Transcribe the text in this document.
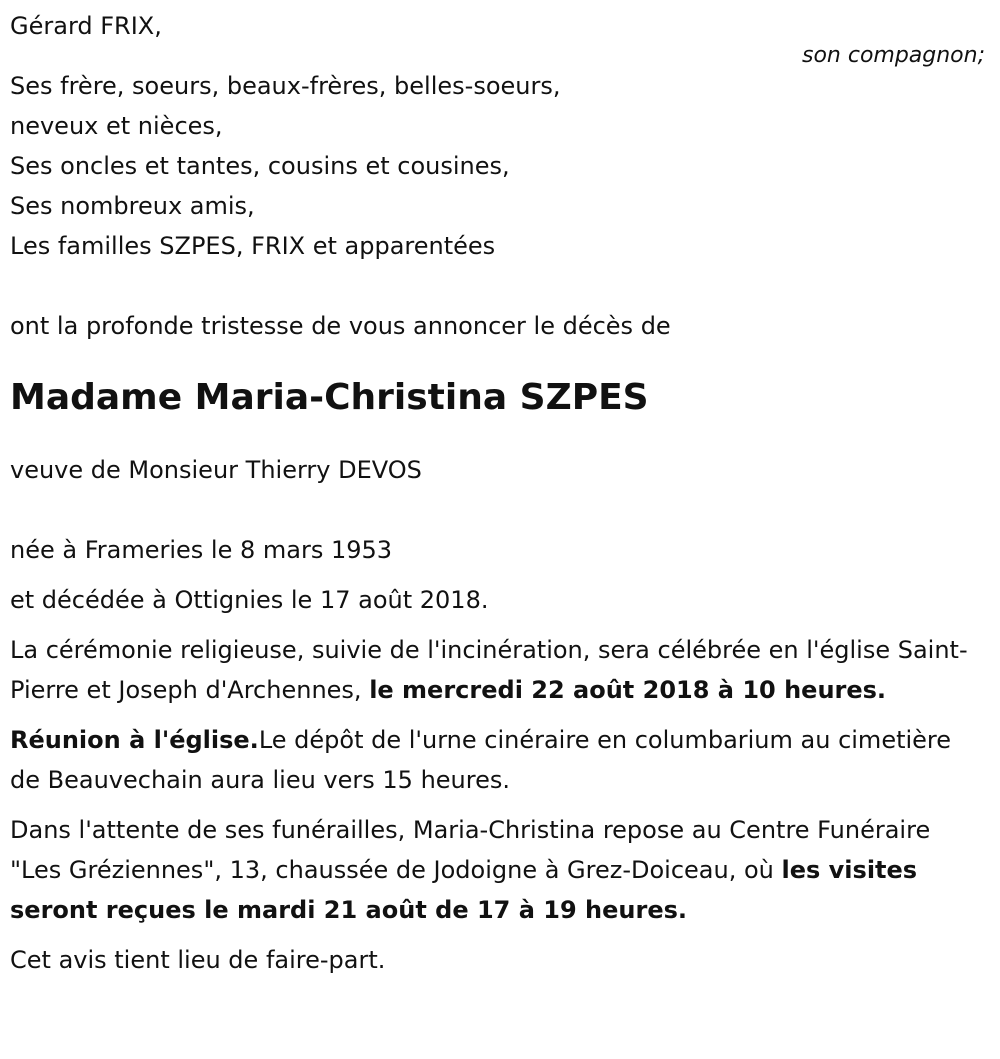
Gérard FRIX,
son compagnon;
Ses frère, soeurs, beaux-frères, belles-soeurs,
neveux et nièces,
Ses oncles et tantes, cousins et cousines,
Ses nombreux amis,
Les familles SZPES, FRIX et apparentées
ont la profonde tristesse de vous annoncer le décès de
Madame Maria-Christina SZPES
veuve de Monsieur Thierry DEVOS
née à Frameries le 8 mars 1953
et décédée à Ottignies le 17 août 2018.
La cérémonie religieuse, suivie de l'incinération, sera célébrée en l'église Saint-Pierre et Joseph d'Archennes, le mercredi 22 août 2018 à 10 heures.
Réunion à l'église.Le dépôt de l'urne cinéraire en columbarium au cimetière de Beauvechain aura lieu vers 15 heures.
Dans l'attente de ses funérailles, Maria-Christina repose au Centre Funéraire "Les Gréziennes", 13, chaussée de Jodoigne à Grez-Doiceau, où les visites seront reçues le mardi 21 août de 17 à 19 heures.
Cet avis tient lieu de faire-part.
